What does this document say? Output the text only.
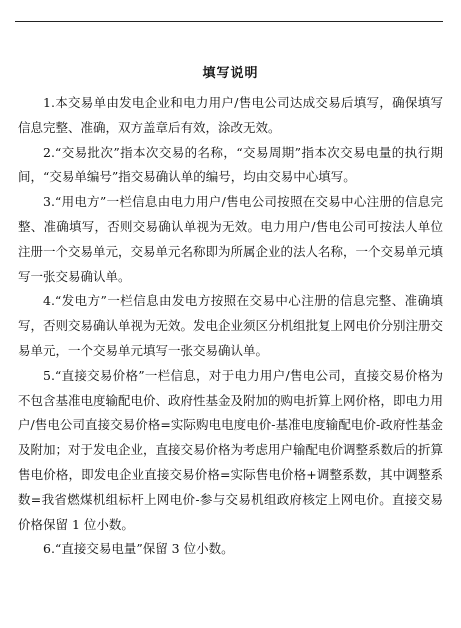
填写说明

1.本交易单由发电企业和电力用户/售电公司达成交易后填写，确保填写信息完整、准确，双方盖章后有效，涂改无效。

2.“交易批次”指本次交易的名称，“交易周期”指本次交易电量的执行期间，“交易单编号”指交易确认单的编号，均由交易中心填写。

3.“用电方”一栏信息由电力用户/售电公司按照在交易中心注册的信息完整、准确填写，否则交易确认单视为无效。电力用户/售电公司可按法人单位注册一个交易单元，交易单元名称即为所属企业的法人名称，一个交易单元填写一张交易确认单。

4.“发电方”一栏信息由发电方按照在交易中心注册的信息完整、准确填写，否则交易确认单视为无效。发电企业须区分机组批复上网电价分别注册交易单元，一个交易单元填写一张交易确认单。

5.“直接交易价格”一栏信息，对于电力用户/售电公司，直接交易价格为不包含基准电度输配电价、政府性基金及附加的购电折算上网价格，即电力用户/售电公司直接交易价格=实际购电电度电价-基准电度输配电价-政府性基金及附加；对于发电企业，直接交易价格为考虑用户输配电价调整系数后的折算售电价格，即发电企业直接交易价格=实际售电价格+调整系数，其中调整系数=我省燃煤机组标杆上网电价-参与交易机组政府核定上网电价。直接交易价格保留 1 位小数。

6.“直接交易电量”保留 3 位小数。
